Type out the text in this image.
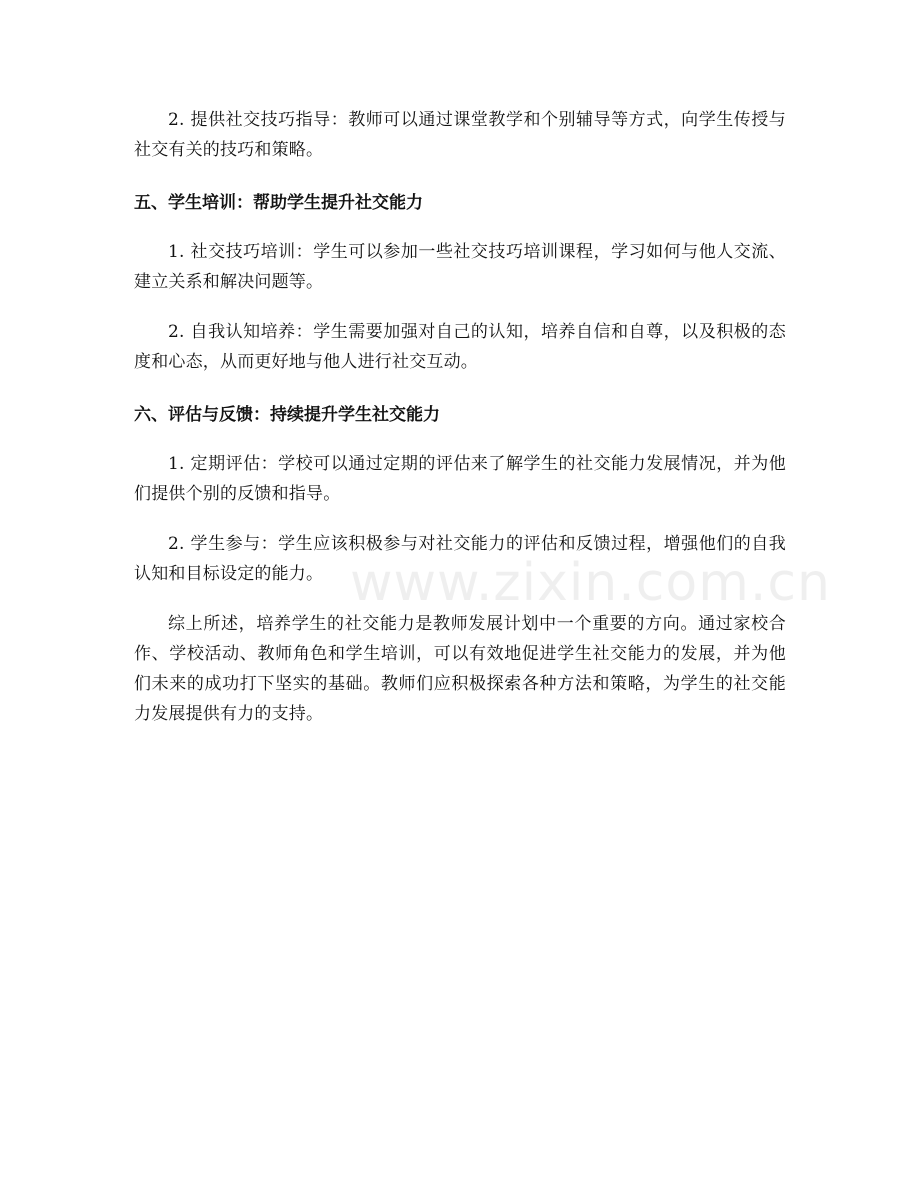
2. 提供社交技巧指导：教师可以通过课堂教学和个别辅导等方式，向学生传授与社交有关的技巧和策略。

五、学生培训：帮助学生提升社交能力

1. 社交技巧培训：学生可以参加一些社交技巧培训课程，学习如何与他人交流、建立关系和解决问题等。

2. 自我认知培养：学生需要加强对自己的认知，培养自信和自尊，以及积极的态度和心态，从而更好地与他人进行社交互动。

六、评估与反馈：持续提升学生社交能力

1. 定期评估：学校可以通过定期的评估来了解学生的社交能力发展情况，并为他们提供个别的反馈和指导。

2. 学生参与：学生应该积极参与对社交能力的评估和反馈过程，增强他们的自我认知和目标设定的能力。

综上所述，培养学生的社交能力是教师发展计划中一个重要的方向。通过家校合作、学校活动、教师角色和学生培训，可以有效地促进学生社交能力的发展，并为他们未来的成功打下坚实的基础。教师们应积极探索各种方法和策略，为学生的社交能力发展提供有力的支持。

www.zixin.com.cn
